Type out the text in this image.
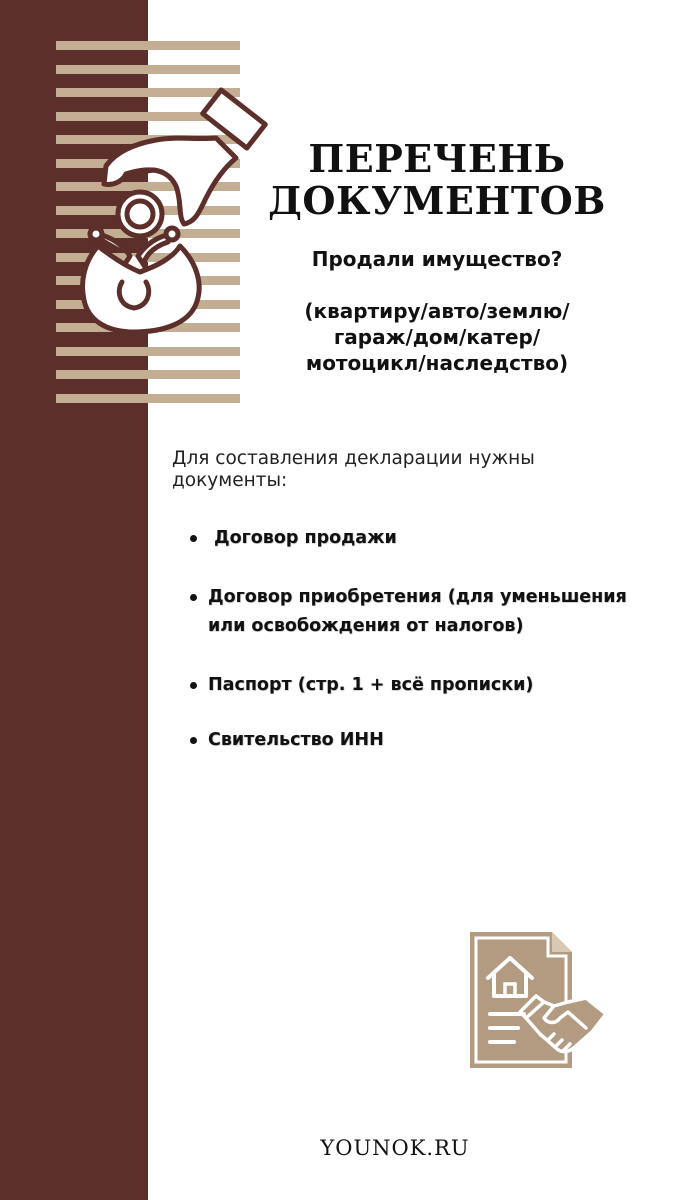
ПЕРЕЧЕНЬ
ДОКУМЕНТОВ
Продали имущество?
(квартиру/авто/землю/
гараж/дом/катер/
мотоцикл/наследство)
Для составления декларации нужны документы:
Договор продажи
Договор приобретения (для уменьшения или освобождения от налогов)
Паспорт (стр. 1 + всё прописки)
Свительство ИНН
YOUNOK.RU
